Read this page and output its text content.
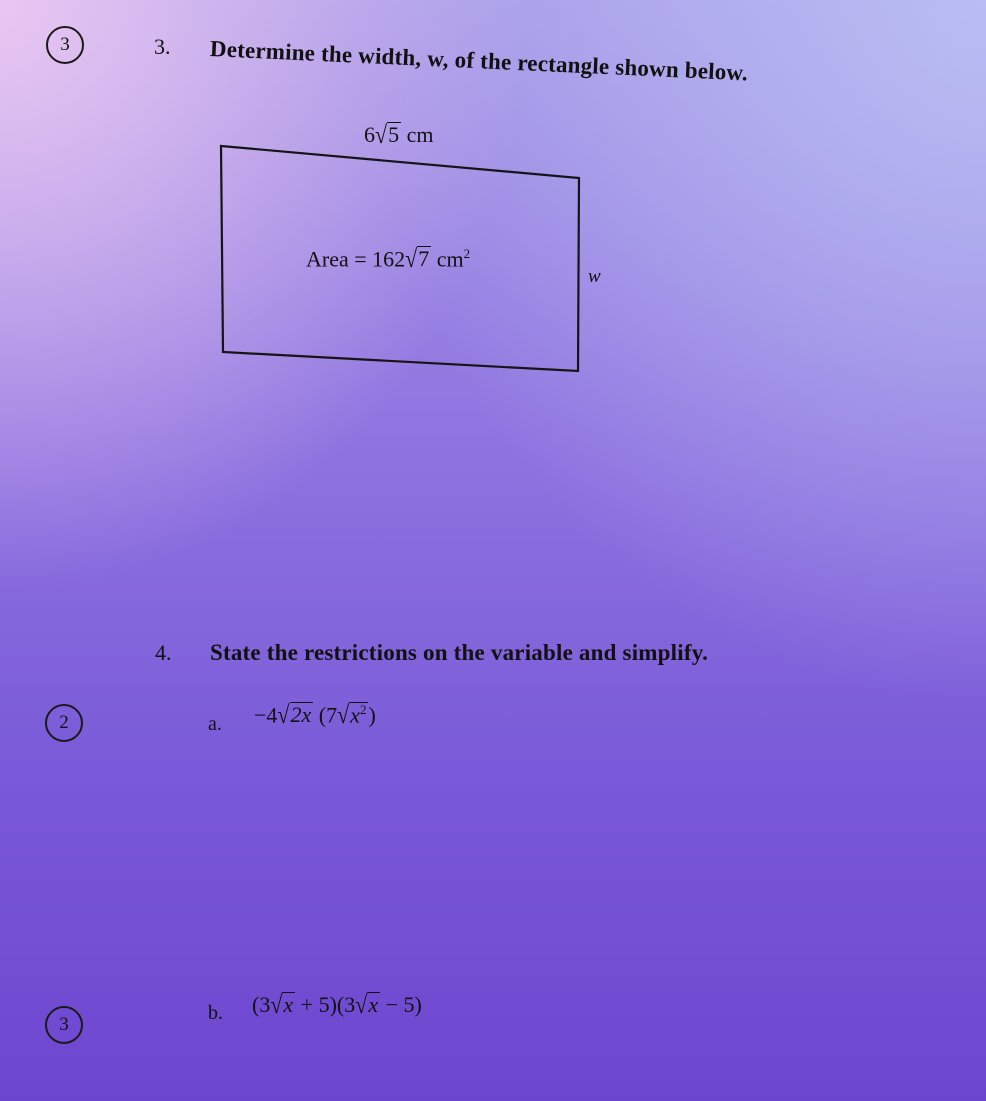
3
2
3
3. Determine the width, w, of the rectangle shown below.
6√5 cm
Area = 162√7 $cm^2$
w
4. State the restrictions on the variable and simplify.
a. −4√2x $(7√x^2)$
b. (3√x + 5)(3√x − 5)
